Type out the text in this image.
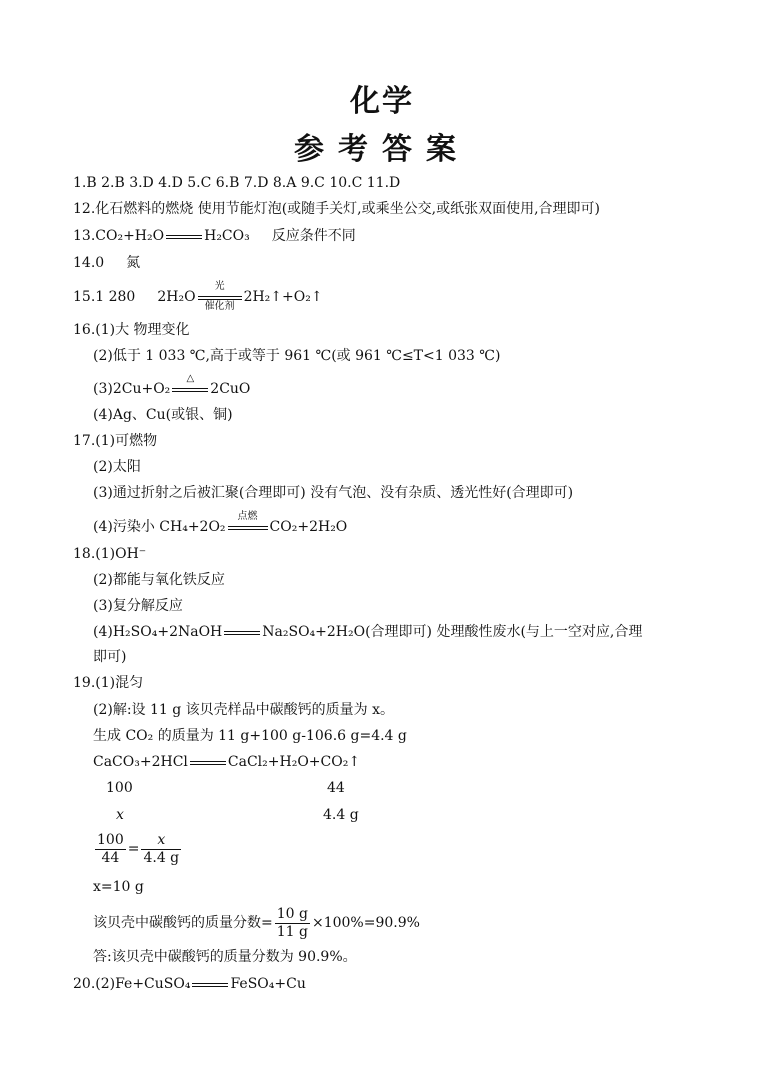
化学
参考答案
1.B 2.B 3.D 4.D 5.C 6.B 7.D 8.A 9.C 10.C 11.D
12.化石燃料的燃烧 使用节能灯泡(或随手关灯,或乘坐公交,或纸张双面使用,合理即可)
13.CO₂+H₂O	H₂CO₃ 反应条件不同
14.0 氮
15.1 280 2H₂O
光
催化剂
2H₂↑+O₂↑
16.(1)大 物理变化
(2)低于 1 033 ℃,高于或等于 961 ℃(或 961 ℃≤T<1 033 ℃)
(3)2Cu+O₂
△
2CuO
(4)Ag、Cu(或银、铜)
17.(1)可燃物
(2)太阳
(3)通过折射之后被汇聚(合理即可) 没有气泡、没有杂质、透光性好(合理即可)
(4)污染小 CH₄+2O₂
点燃
CO₂+2H₂O
18.(1)OH⁻
(2)都能与氧化铁反应
(3)复分解反应
(4)H₂SO₄+2NaOH	Na₂SO₄+2H₂O(合理即可) 处理酸性废水(与上一空对应,合理
即可)
19.(1)混匀
(2)解:设 11 g 该贝壳样品中碳酸钙的质量为 x。
生成 CO₂ 的质量为 11 g+100 g-106.6 g=4.4 g
CaCO₃+2HCl	CaCl₂+H₂O+CO₂↑
100	44
x	4.4 g
$\frac{100}{44} = \frac{x}{4.4 g}$
x=10 g
该贝壳中碳酸钙的质量分数= $\frac{10 g}{11 g} \times 100\%=90.9\%$
答:该贝壳中碳酸钙的质量分数为 90.9%。
20.(2)Fe+CuSO₄	FeSO₄+Cu
